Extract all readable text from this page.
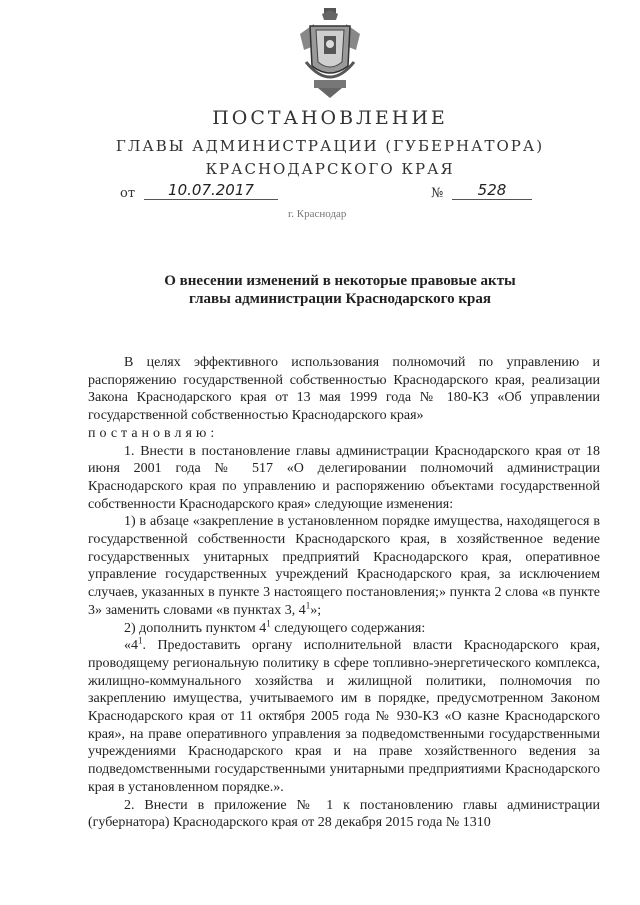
ПОСТАНОВЛЕНИЕ
ГЛАВЫ АДМИНИСТРАЦИИ (ГУБЕРНАТОРА)
КРАСНОДАРСКОГО КРАЯ
от	10.07.2017	№	528
г. Краснодар
О внесении изменений в некоторые правовые акты
главы администрации Краснодарского края

В целях эффективного использования полномочий по управлению и распоряжению государственной собственностью Краснодарского края, реализации Закона Краснодарского края от 13 мая 1999 года № 180-КЗ «Об управлении государственной собственностью Краснодарского края»

постановляю:

1. Внести в постановление главы администрации Краснодарского края от 18 июня 2001 года № 517 «О делегировании полномочий администрации Краснодарского края по управлению и распоряжению объектами государственной собственности Краснодарского края» следующие изменения:

1) в абзаце «закрепление в установленном порядке имущества, находящегося в государственной собственности Краснодарского края, в хозяйственное ведение государственных унитарных предприятий Краснодарского края, оперативное управление государственных учреждений Краснодарского края, за исключением случаев, указанных в пункте 3 настоящего постановления;» пункта 2 слова «в пункте 3» заменить словами «в пунктах 3, $4^1$»;

2) дополнить пунктом $4^1$ следующего содержания:

«$4^1$. Предоставить органу исполнительной власти Краснодарского края, проводящему региональную политику в сфере топливно-энергетического комплекса, жилищно-коммунального хозяйства и жилищной политики, полномочия по закреплению имущества, учитываемого им в порядке, предусмотренном Законом Краснодарского края от 11 октября 2005 года № 930-КЗ «О казне Краснодарского края», на праве оперативного управления за подведомственными государственными учреждениями Краснодарского края и на праве хозяйственного ведения за подведомственными государственными унитарными предприятиями Краснодарского края в установленном порядке.».

2. Внести в приложение № 1 к постановлению главы администрации (губернатора) Краснодарского края от 28 декабря 2015 года № 1310
